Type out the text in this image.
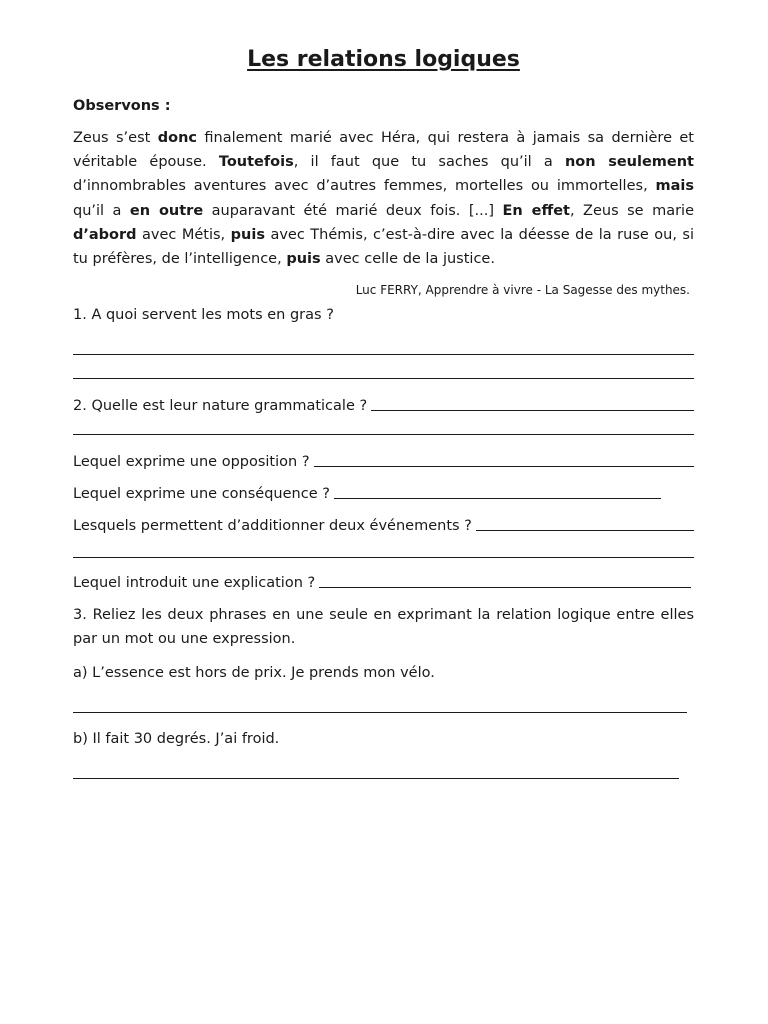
Les relations logiques
Observons :

Zeus s’est donc finalement marié avec Héra, qui restera à jamais sa dernière et véritable épouse. Toutefois, il faut que tu saches qu’il a non seulement d’innombrables aventures avec d’autres femmes, mortelles ou immortelles, mais qu’il a en outre auparavant été marié deux fois. [...] En effet, Zeus se marie d’abord avec Métis, puis avec Thémis, c’est-à-dire avec la déesse de la ruse ou, si tu préfères, de l’intelligence, puis avec celle de la justice.

Luc FERRY, Apprendre à vivre - La Sagesse des mythes.
1. A quoi servent les mots en gras ?
2. Quelle est leur nature grammaticale ?
Lequel exprime une opposition ?
Lequel exprime une conséquence ?
Lesquels permettent d’additionner deux événements ?
Lequel introduit une explication ?
3. Reliez les deux phrases en une seule en exprimant la relation logique entre elles par un mot ou une expression.
a) L’essence est hors de prix. Je prends mon vélo.
b) Il fait 30 degrés. J’ai froid.
